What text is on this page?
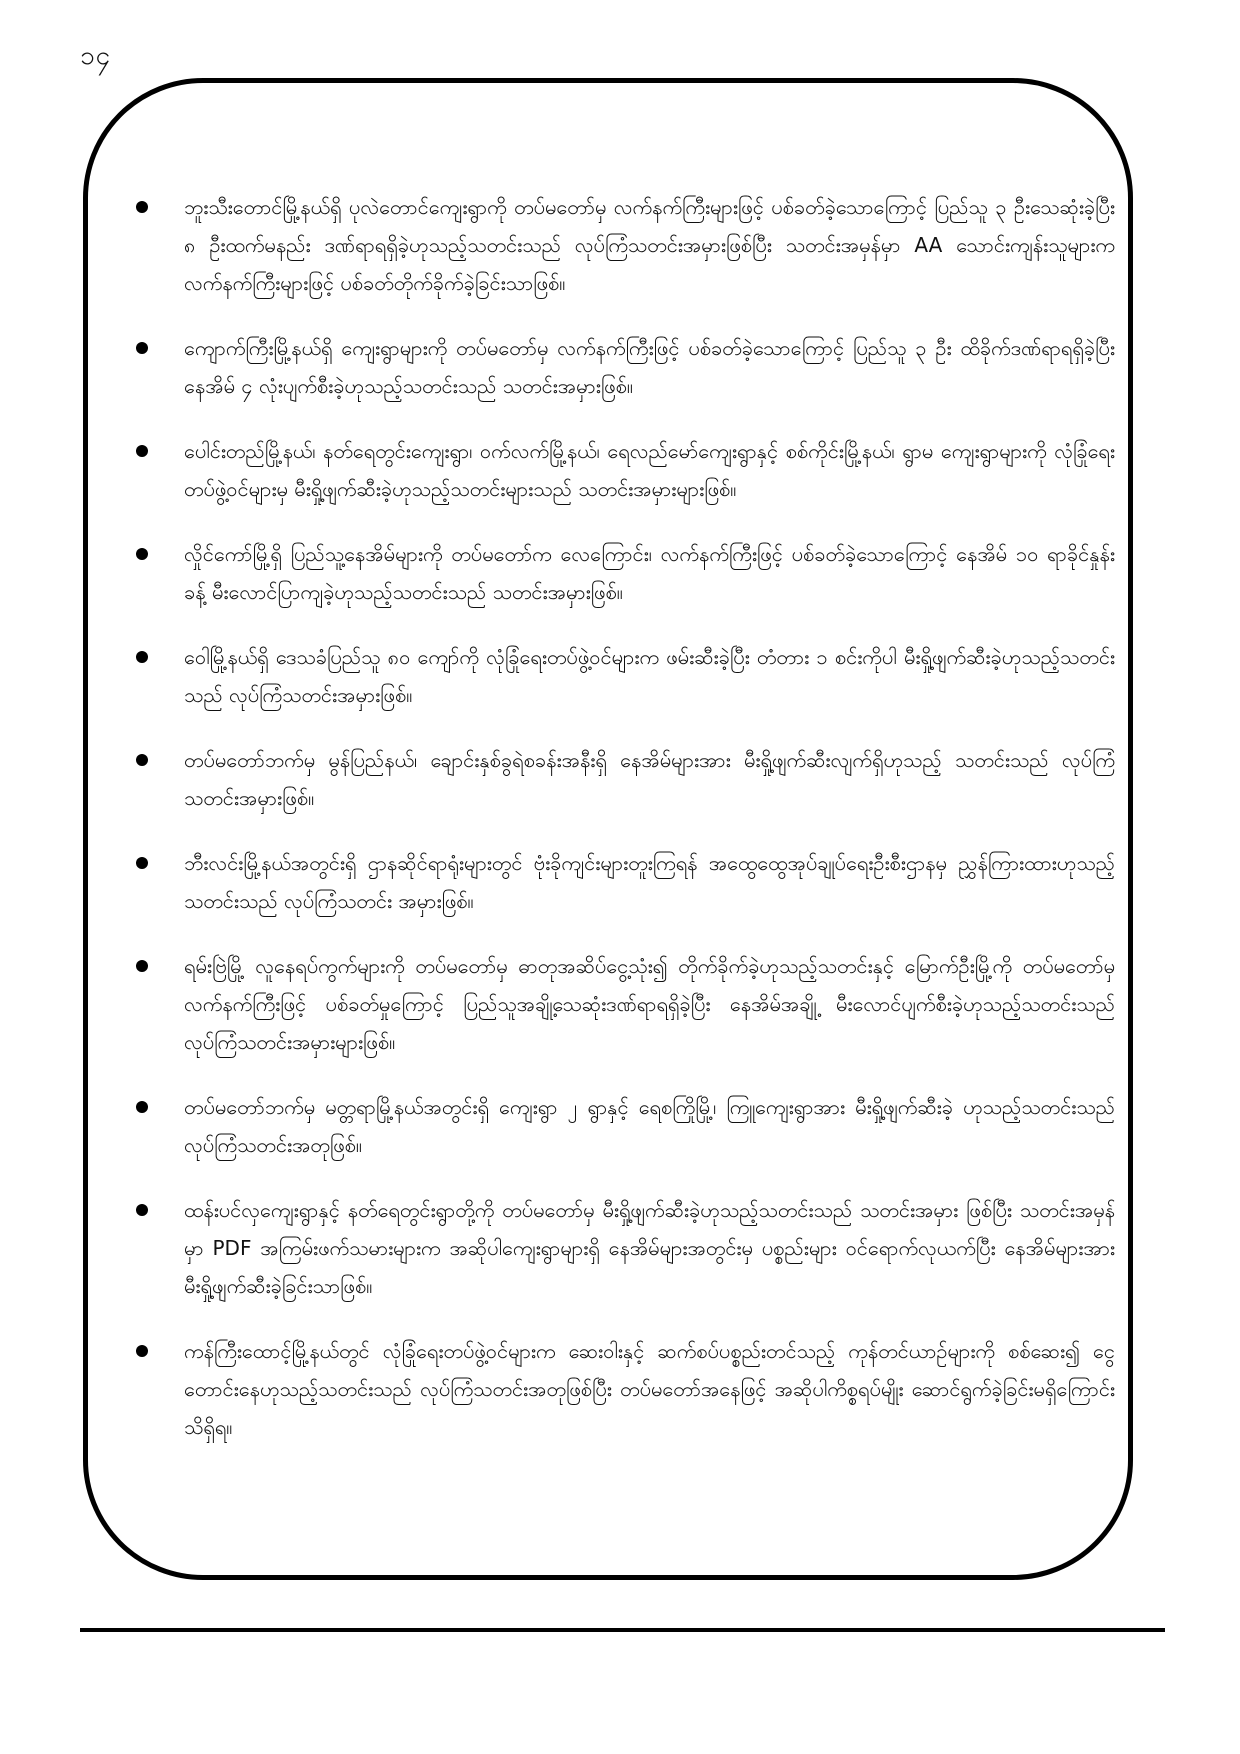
၁၄
ဘူးသီးတောင်မြို့နယ်ရှိ ပုလဲတောင်ကျေးရွာကို တပ်မတော်မှ လက်နက်ကြီးများဖြင့် ပစ်ခတ်ခဲ့သောကြောင့် ပြည်သူ ၃ ဦးသေဆုံးခဲ့ပြီး ၈ ဦးထက်မနည်း ဒဏ်ရာရရှိခဲ့ဟုသည့်သတင်းသည် လုပ်ကြံသတင်းအမှားဖြစ်ပြီး သတင်းအမှန်မှာ AA သောင်းကျန်းသူများက လက်နက်ကြီးများဖြင့် ပစ်ခတ်တိုက်ခိုက်ခဲ့ခြင်းသာဖြစ်။
ကျောက်ကြီးမြို့နယ်ရှိ ကျေးရွာများကို တပ်မတော်မှ လက်နက်ကြီးဖြင့် ပစ်ခတ်ခဲ့သောကြောင့် ပြည်သူ ၃ ဦး ထိခိုက်ဒဏ်ရာရရှိခဲ့ပြီး နေအိမ် ၄ လုံးပျက်စီးခဲ့ဟုသည့်သတင်းသည် သတင်းအမှားဖြစ်။
ပေါင်းတည်မြို့နယ်၊ နတ်ရေတွင်းကျေးရွာ၊ ဝက်လက်မြို့နယ်၊ ရေလည်မော်ကျေးရွာနှင့် စစ်ကိုင်းမြို့နယ်၊ ရွာမ ကျေးရွာများကို လုံခြုံရေးတပ်ဖွဲ့ဝင်များမှ မီးရှို့ဖျက်ဆီးခဲ့ဟုသည့်သတင်းများသည် သတင်းအမှားများဖြစ်။
လှိုင်ကော်မြို့ရှိ ပြည်သူ့နေအိမ်များကို တပ်မတော်က လေကြောင်း၊ လက်နက်ကြီးဖြင့် ပစ်ခတ်ခဲ့သောကြောင့် နေအိမ် ၁၀ ရာခိုင်နှုန်းခန့် မီးလောင်ပြာကျခဲ့ဟုသည့်သတင်းသည် သတင်းအမှားဖြစ်။
ဝေါမြို့နယ်ရှိ ဒေသခံပြည်သူ ၈၀ ကျော်ကို လုံခြုံရေးတပ်ဖွဲ့ဝင်များက ဖမ်းဆီးခဲ့ပြီး တံတား ၁ စင်းကိုပါ မီးရှို့ဖျက်ဆီးခဲ့ဟုသည့်သတင်းသည် လုပ်ကြံသတင်းအမှားဖြစ်။
တပ်မတော်ဘက်မှ မွန်ပြည်နယ်၊ ချောင်းနှစ်ခွရဲစခန်းအနီးရှိ နေအိမ်များအား မီးရှို့ဖျက်ဆီးလျက်ရှိဟုသည့် သတင်းသည် လုပ်ကြံသတင်းအမှားဖြစ်။
ဘီးလင်းမြို့နယ်အတွင်းရှိ ဌာနဆိုင်ရာရုံးများတွင် ဗုံးခိုကျင်းများတူးကြရန် အထွေထွေအုပ်ချုပ်ရေးဦးစီးဌာနမှ ညွှန်ကြားထားဟုသည့်သတင်းသည် လုပ်ကြံသတင်း အမှားဖြစ်။
ရမ်းဗြဲမြို့ လူနေရပ်ကွက်များကို တပ်မတော်မှ ဓာတုအဆိပ်ငွေ့သုံး၍ တိုက်ခိုက်ခဲ့ဟုသည့်သတင်းနှင့် မြောက်ဦးမြို့ကို တပ်မတော်မှ လက်နက်ကြီးဖြင့် ပစ်ခတ်မှုကြောင့် ပြည်သူအချို့သေဆုံးဒဏ်ရာရရှိခဲ့ပြီး နေအိမ်အချို့ မီးလောင်ပျက်စီးခဲ့ဟုသည့်သတင်းသည် လုပ်ကြံသတင်းအမှားများဖြစ်။
တပ်မတော်ဘက်မှ မတ္တရာမြို့နယ်အတွင်းရှိ ကျေးရွာ ၂ ရွာနှင့် ရေစကြိုမြို့၊ ကြူကျေးရွာအား မီးရှို့ဖျက်ဆီးခဲ့ ဟုသည့်သတင်းသည် လုပ်ကြံသတင်းအတုဖြစ်။
ထန်းပင်လှကျေးရွာနှင့် နတ်ရေတွင်းရွာတို့ကို တပ်မတော်မှ မီးရှို့ဖျက်ဆီးခဲ့ဟုသည့်သတင်းသည် သတင်းအမှား ဖြစ်ပြီး သတင်းအမှန်မှာ PDF အကြမ်းဖက်သမားများက အဆိုပါကျေးရွာများရှိ နေအိမ်များအတွင်းမှ ပစ္စည်းများ ဝင်ရောက်လုယက်ပြီး နေအိမ်များအား မီးရှို့ဖျက်ဆီးခဲ့ခြင်းသာဖြစ်။
ကန်ကြီးထောင့်မြို့နယ်တွင် လုံခြုံရေးတပ်ဖွဲ့ဝင်များက ဆေးဝါးနှင့် ဆက်စပ်ပစ္စည်းတင်သည့် ကုန်တင်ယာဉ်များကို စစ်ဆေး၍ ငွေတောင်းနေဟုသည့်သတင်းသည် လုပ်ကြံသတင်းအတုဖြစ်ပြီး တပ်မတော်အနေဖြင့် အဆိုပါကိစ္စရပ်မျိုး ဆောင်ရွက်ခဲ့ခြင်းမရှိကြောင်း သိရှိရ။
